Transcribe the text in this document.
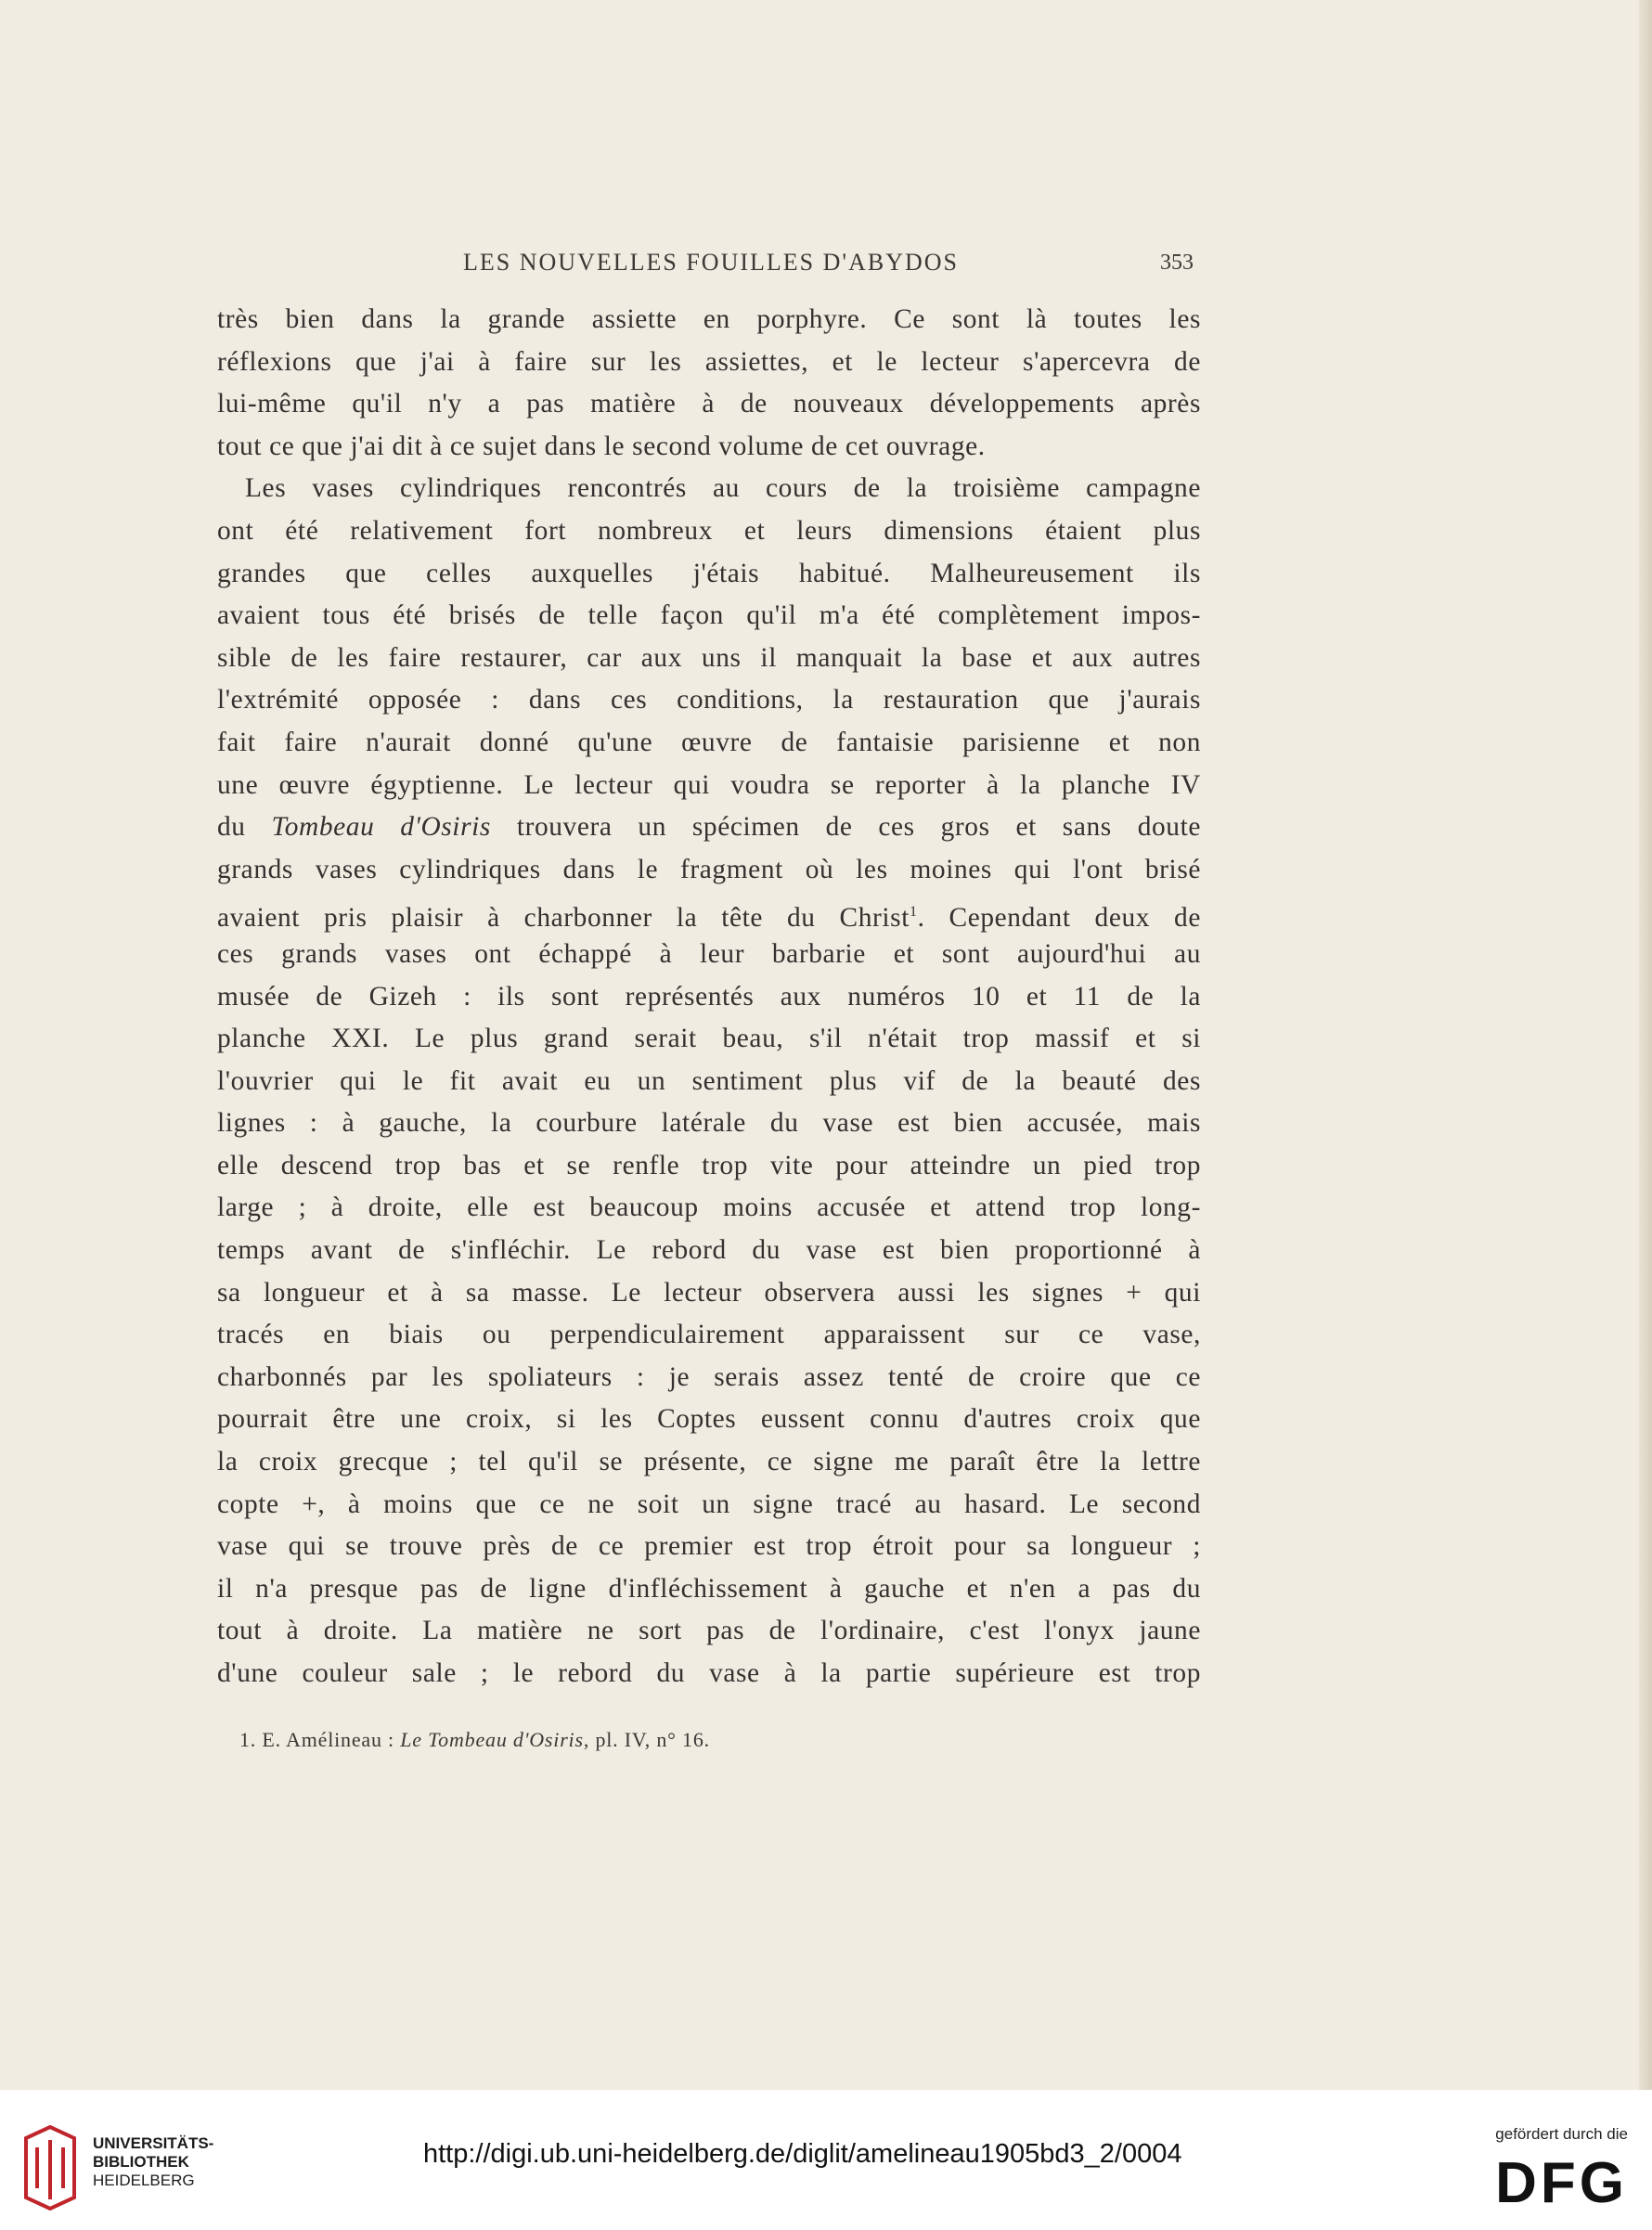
LES NOUVELLES FOUILLES D'ABYDOS	353
très bien dans la grande assiette en porphyre. Ce sont là toutes les
réflexions que j'ai à faire sur les assiettes, et le lecteur s'apercevra de
lui-même qu'il n'y a pas matière à de nouveaux développements après
tout ce que j'ai dit à ce sujet dans le second volume de cet ouvrage.
Les vases cylindriques rencontrés au cours de la troisième campagne
ont été relativement fort nombreux et leurs dimensions étaient plus
grandes que celles auxquelles j'étais habitué. Malheureusement ils
avaient tous été brisés de telle façon qu'il m'a été complètement impos-
sible de les faire restaurer, car aux uns il manquait la base et aux autres
l'extrémité opposée : dans ces conditions, la restauration que j'aurais
fait faire n'aurait donné qu'une œuvre de fantaisie parisienne et non
une œuvre égyptienne. Le lecteur qui voudra se reporter à la planche IV
du Tombeau d'Osiris trouvera un spécimen de ces gros et sans doute
grands vases cylindriques dans le fragment où les moines qui l'ont brisé
avaient pris plaisir à charbonner la tête du Christ$^1$. Cependant deux de
ces grands vases ont échappé à leur barbarie et sont aujourd'hui au
musée de Gizeh : ils sont représentés aux numéros 10 et 11 de la
planche XXI. Le plus grand serait beau, s'il n'était trop massif et si
l'ouvrier qui le fit avait eu un sentiment plus vif de la beauté des
lignes : à gauche, la courbure latérale du vase est bien accusée, mais
elle descend trop bas et se renfle trop vite pour atteindre un pied trop
large ; à droite, elle est beaucoup moins accusée et attend trop long-
temps avant de s'infléchir. Le rebord du vase est bien proportionné à
sa longueur et à sa masse. Le lecteur observera aussi les signes + qui
tracés en biais ou perpendiculairement apparaissent sur ce vase,
charbonnés par les spoliateurs : je serais assez tenté de croire que ce
pourrait être une croix, si les Coptes eussent connu d'autres croix que
la croix grecque ; tel qu'il se présente, ce signe me paraît être la lettre
copte +, à moins que ce ne soit un signe tracé au hasard. Le second
vase qui se trouve près de ce premier est trop étroit pour sa longueur ;
il n'a presque pas de ligne d'infléchissement à gauche et n'en a pas du
tout à droite. La matière ne sort pas de l'ordinaire, c'est l'onyx jaune
d'une couleur sale ; le rebord du vase à la partie supérieure est trop
1. E. Amélineau : Le Tombeau d'Osiris, pl. IV, n° 16.
UNIVERSITÄTS-
BIBLIOTHEK
HEIDELBERG
http://digi.ub.uni-heidelberg.de/diglit/amelineau1905bd3_2/0004
gefördert durch die
DFG
